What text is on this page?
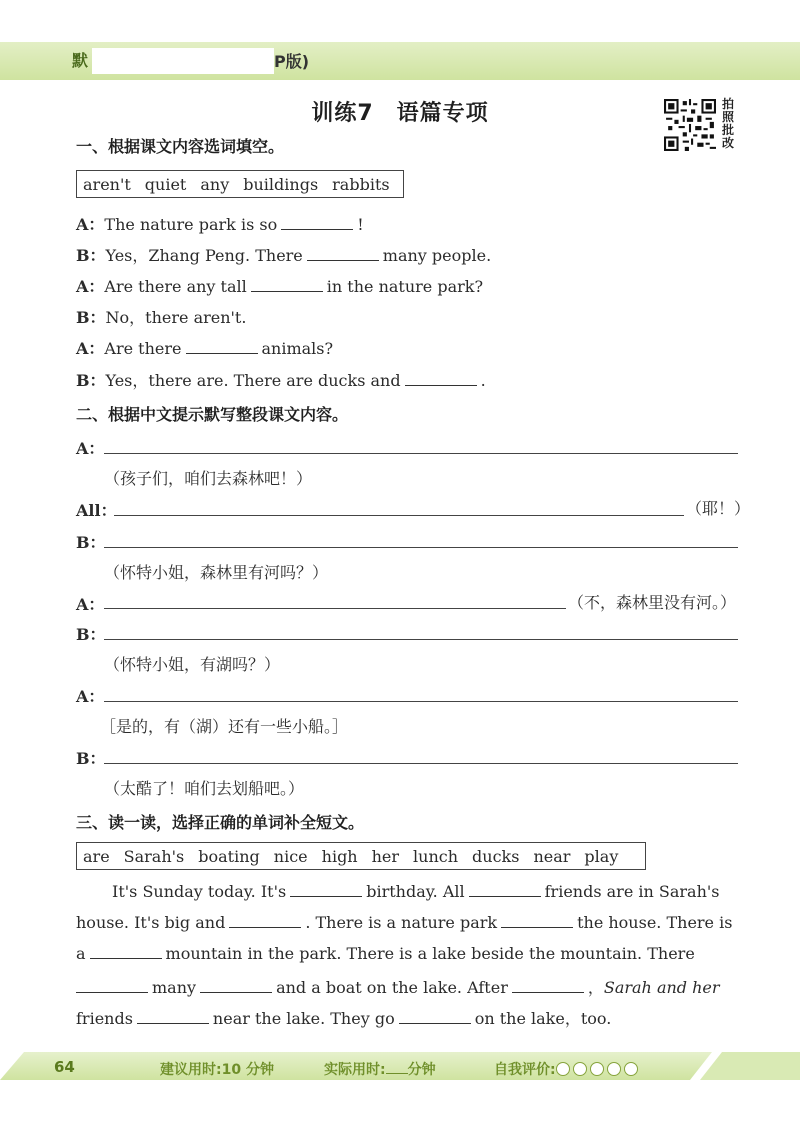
默	P版)
训练7　语篇专项	拍照批改
一、根据课文内容选词填空。
aren't quiet any buildings rabbits
A：The nature park is so	!
B：Yes，Zhang Peng. There	many people.
A：Are there any tall	in the nature park?
B：No，there aren't.
A：Are there	animals?
B：Yes，there are. There are ducks and	.
二、根据中文提示默写整段课文内容。
A：
（孩子们，咱们去森林吧！）
All：	（耶！）
B：
（怀特小姐，森林里有河吗？）
A：	（不，森林里没有河。）
B：
（怀特小姐，有湖吗？）
A：
［是的，有（湖）还有一些小船。］
B：
（太酷了！咱们去划船吧。）
三、读一读，选择正确的单词补全短文。
are Sarah's boating nice high her lunch ducks near play
It's Sunday today. It's	birthday. All	friends are in Sarah's
house. It's big and	. There is a nature park	the house. There is
a	mountain in the park. There is a lake beside the mountain. There
many	and a boat on the lake. After	，Sarah and her
friends	near the lake. They go	on the lake，too.
64	建议用时:10 分钟	实际用时: 分钟	自我评价:
